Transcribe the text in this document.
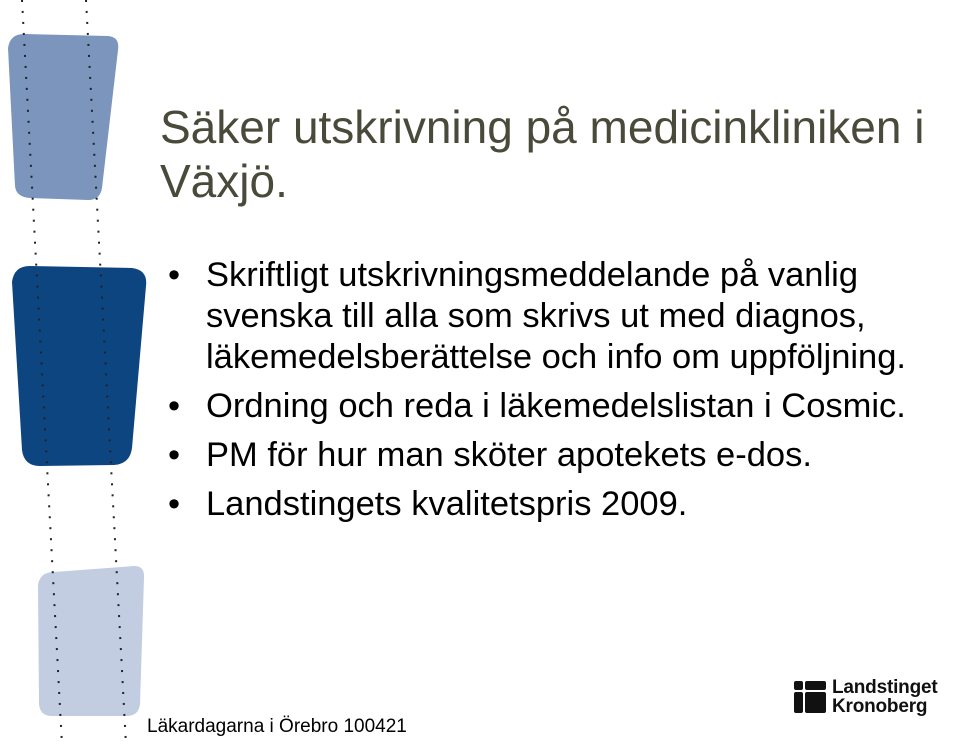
Säker utskrivning på medicinkliniken i Växjö.
• Skriftligt utskrivningsmeddelande på vanlig svenska till alla som skrivs ut med diagnos, läkemedelsberättelse och info om uppföljning.
• Ordning och reda i läkemedelslistan i Cosmic.
• PM för hur man sköter apotekets e-dos.
• Landstingets kvalitetspris 2009.
Läkardagarna i Örebro 100421
Landstinget
Kronoberg
